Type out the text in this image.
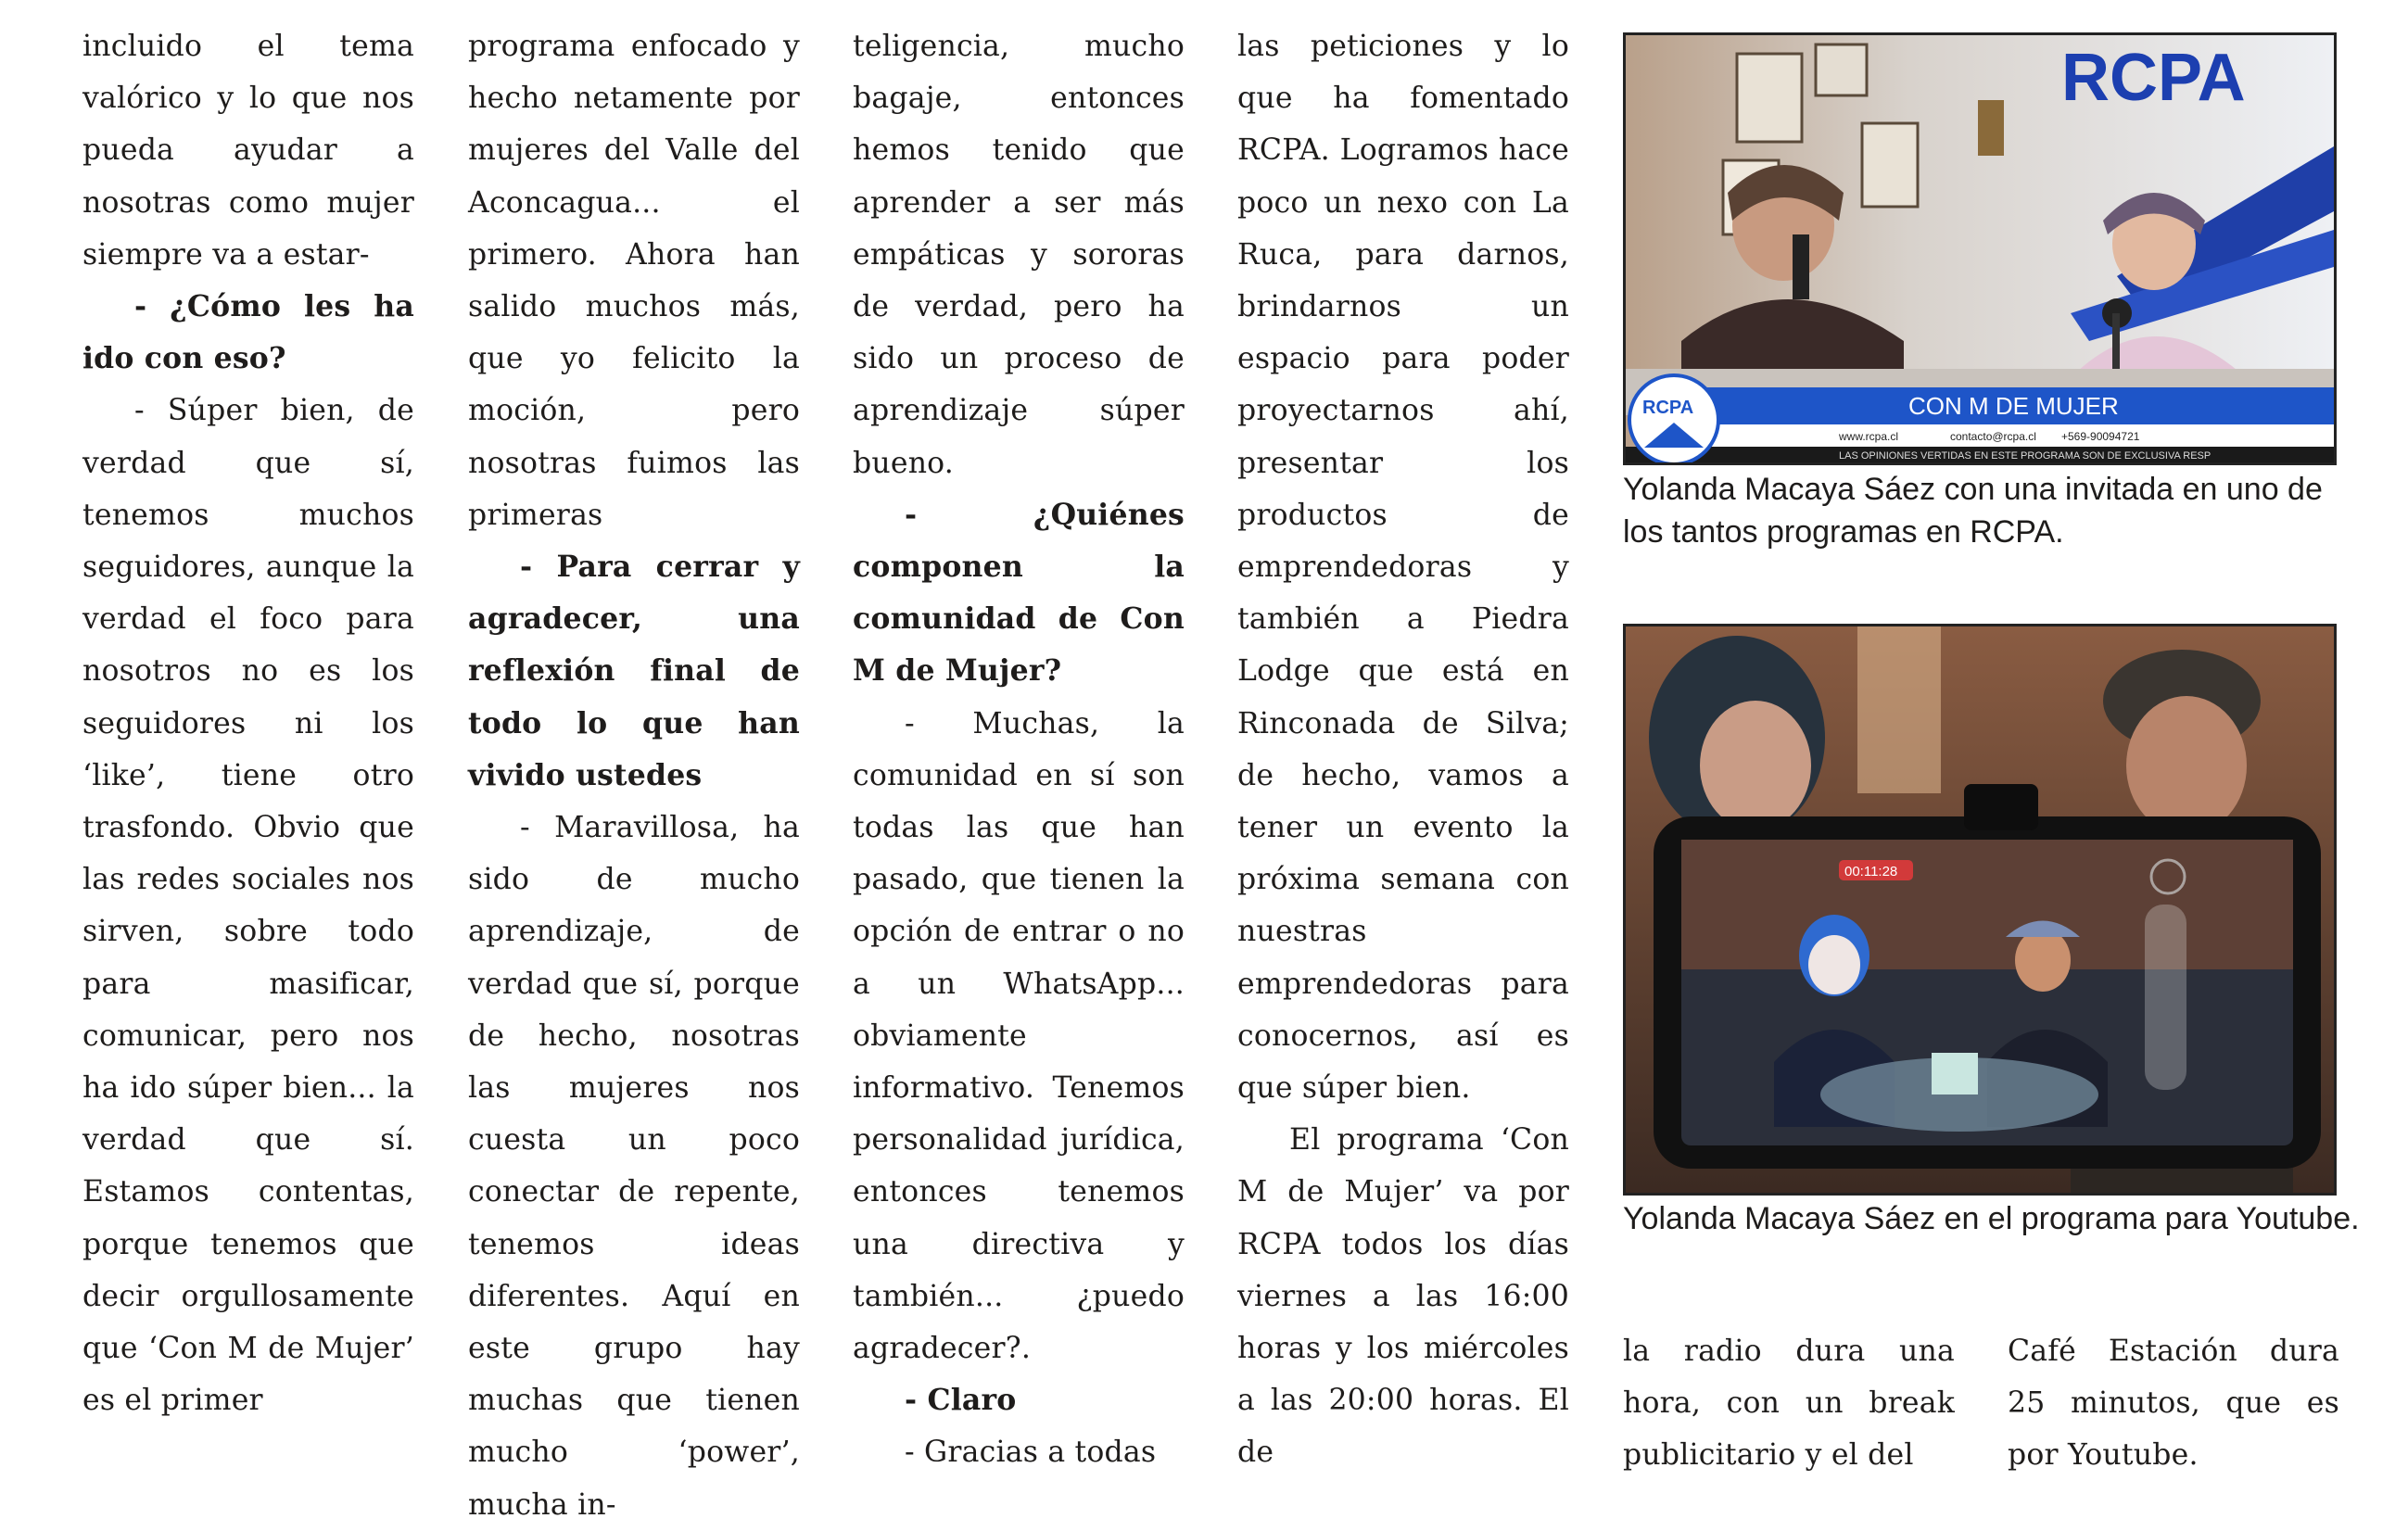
incluido el tema valórico y lo que nos pueda ayudar a nosotras como mujer siempre va a estar-

- ¿Cómo les ha ido con eso?

- Súper bien, de verdad que sí, tenemos muchos seguidores, aunque la verdad el foco para nosotros no es los seguidores ni los ‘like’, tiene otro trasfondo. Obvio que las redes sociales nos sirven, sobre todo para masificar, comunicar, pero nos ha ido súper bien... la verdad que sí. Estamos contentas, porque tenemos que decir orgullosamente que ‘Con M de Mujer’ es el primer

programa enfocado y hecho netamente por mujeres del Valle del Aconcagua... el primero. Ahora han salido muchos más, que yo felicito la moción, pero nosotras fuimos las primeras

- Para cerrar y agradecer, una reflexión final de todo lo que han vivido ustedes

- Maravillosa, ha sido de mucho aprendizaje, de verdad que sí, porque de hecho, nosotras las mujeres nos cuesta un poco conectar de repente, tenemos ideas diferentes. Aquí en este grupo hay muchas que tienen mucho ‘power’, mucha in-

teligencia, mucho bagaje, entonces hemos tenido que aprender a ser más empáticas y sororas de verdad, pero ha sido un proceso de aprendizaje súper bueno.

- ¿Quiénes componen la comunidad de Con M de Mujer?

- Muchas, la comunidad en sí son todas las que han pasado, que tienen la opción de entrar o no a un WhatsApp... obviamente informativo. Tenemos personalidad jurídica, entonces tenemos una directiva y también... ¿puedo agradecer?.

- Claro

- Gracias a todas

las peticiones y lo que ha fomentado RCPA. Logramos hace poco un nexo con La Ruca, para darnos, brindarnos un espacio para poder proyectarnos ahí, presentar los productos de emprendedoras y también a Piedra Lodge que está en Rinconada de Silva; de hecho, vamos a tener un evento la próxima semana con nuestras emprendedoras para conocernos, así es que súper bien.

El programa ‘Con M de Mujer’ va por RCPA todos los días viernes a las 16:00 horas y los miércoles a las 20:00 horas. El de

la radio dura una hora, con un break publicitario y el del

Café Estación dura 25 minutos, que es por Youtube.

RCPA
CON M DE MUJER
www.rcpa.cl	contacto@rcpa.cl +569-90094721
LAS OPINIONES VERTIDAS EN ESTE PROGRAMA SON DE EXCLUSIVA RESP
RCPA
Yolanda Macaya Sáez con una invitada en uno de los tantos programas en RCPA.
00:11:28
Yolanda Macaya Sáez en el programa para Youtube.
